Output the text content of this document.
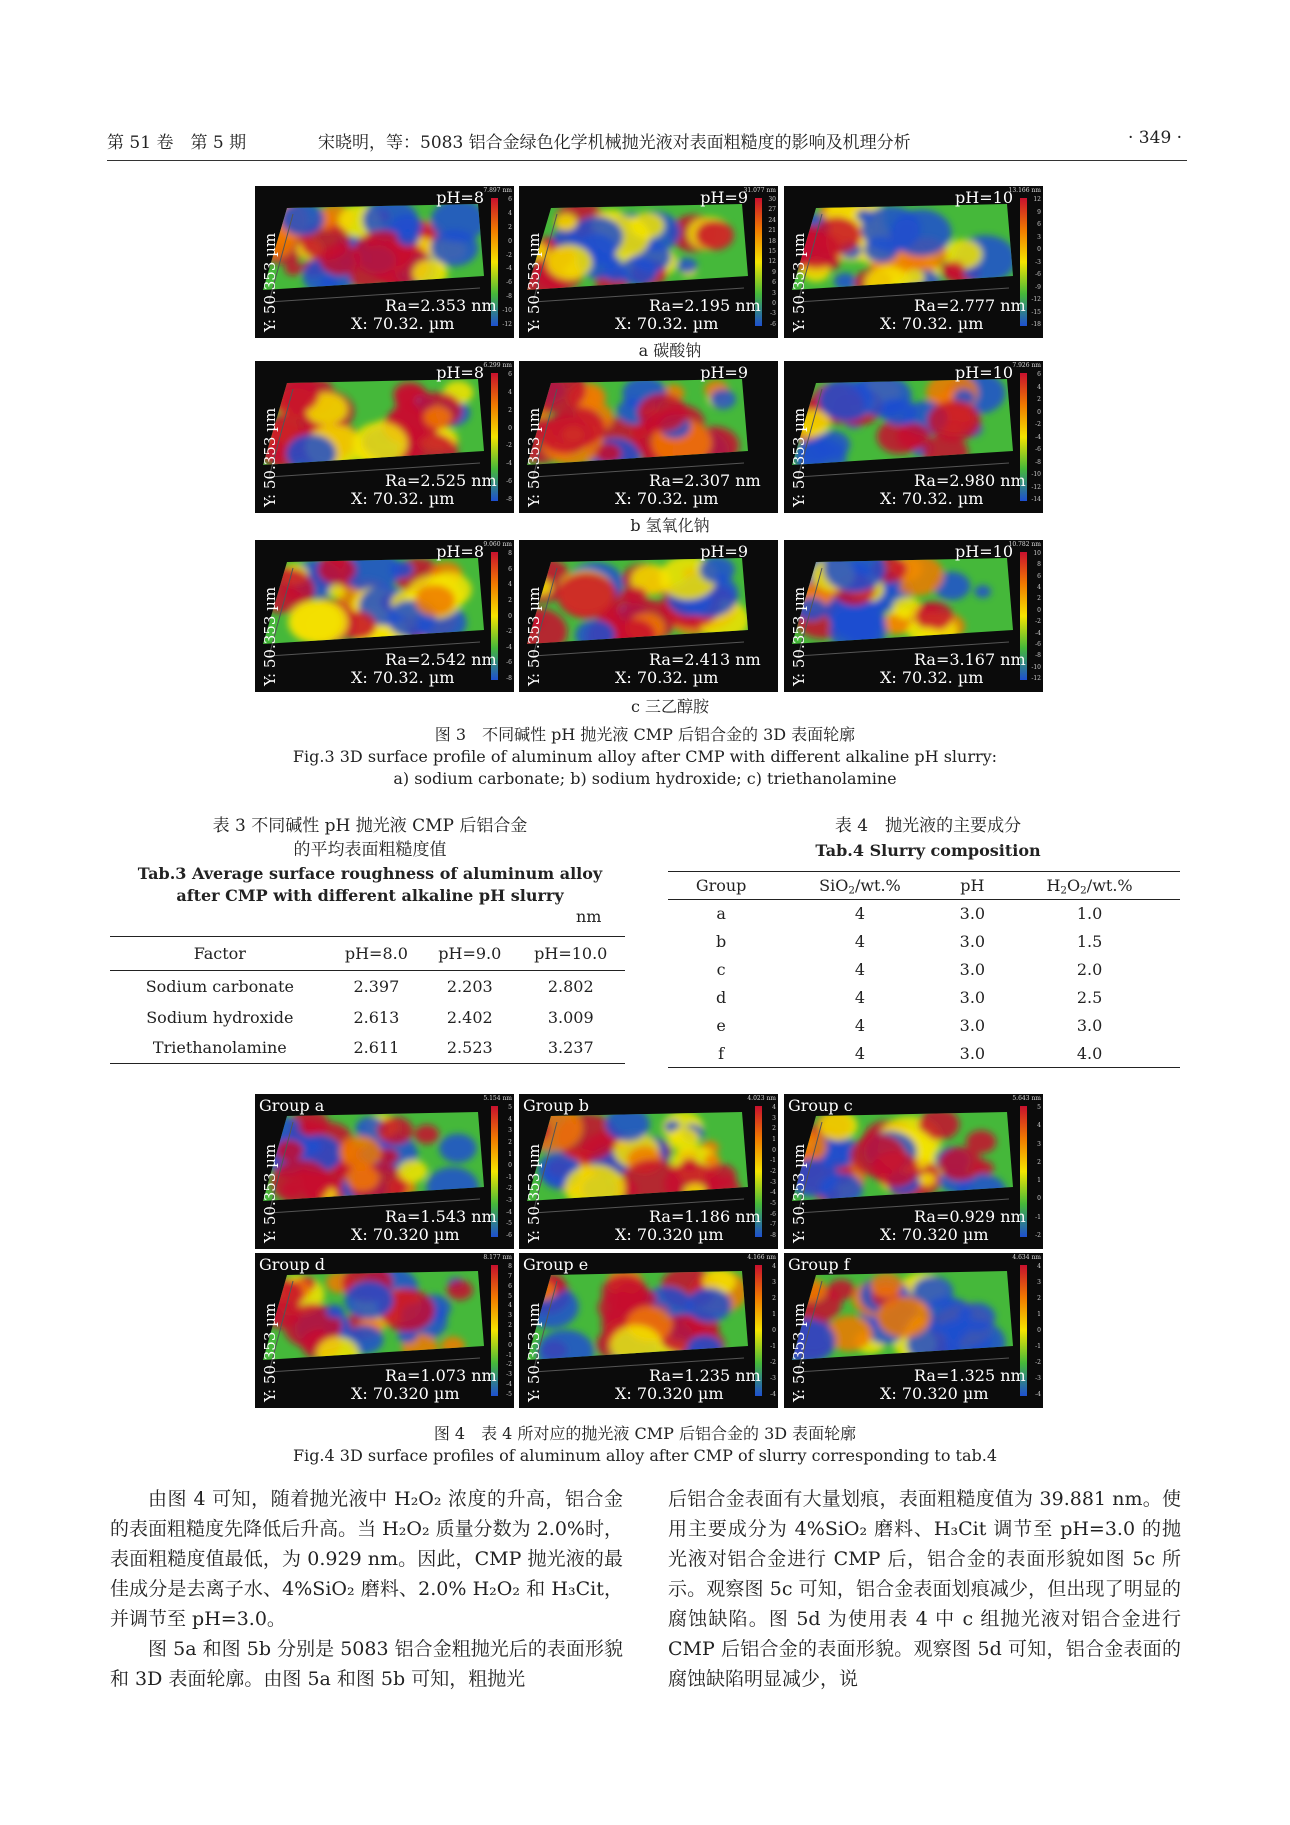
第 51 卷　第 5 期	宋晓明，等：5083 铝合金绿色化学机械抛光液对表面粗糙度的影响及机理分析	· 349 ·
pH=8 7.897 nm
6
4
2
0
-2
-4
-6
-8
-10
-12
Y: 50.353 µm	Ra=2.353 nm
X: 70.32. µm
pH=9
31.077 nm
30
27
24
21
18
15
12
9
6
3
0
-3
-6
Y: 50.353 µm	Ra=2.195 nm
X: 70.32. µm
pH=10
13.166 nm
12
9
6
3
0
-3
-6
-9
-12
-15
-18
Y: 50.353 µm	Ra=2.777 nm
X: 70.32. µm
pH=8 6.299 nm
6
4
2
0
-2
-4
-6
-8
Y: 50.353 µm	Ra=2.525 nm
X: 70.32. µm
pH=9
Y: 50.353 µm	Ra=2.307 nm
X: 70.32. µm
pH=10 7.926 nm
6
4
2
0
-2
-4
-6
-8
-10
-12
-14
Y: 50.353 µm	Ra=2.980 nm
X: 70.32. µm
pH=8 9.060 nm
8
6
4
2
0
-2
-4
-6
-8
Y: 50.353 µm	Ra=2.542 nm
X: 70.32. µm
pH=9
Y: 50.353 µm	Ra=2.413 nm
X: 70.32. µm
pH=10
10.782 nm
10
8
6
4
2
0
-2
-4
-6
-8
-10
-12
Y: 50.353 µm	Ra=3.167 nm
X: 70.32. µm
a 碳酸钠
b 氢氧化钠
c 三乙醇胺
图 3　不同碱性 pH 抛光液 CMP 后铝合金的 3D 表面轮廓
Fig.3 3D surface profile of aluminum alloy after CMP with different alkaline pH slurry:
a) sodium carbonate; b) sodium hydroxide; c) triethanolamine
表 3 不同碱性 pH 抛光液 CMP 后铝合金
的平均表面粗糙度值
Tab.3 Average surface roughness of aluminum alloy
after CMP with different alkaline pH slurry
nm
Factor	pH=8.0	pH=9.0	pH=10.0
Sodium carbonate	2.397	2.203	2.802
Sodium hydroxide	2.613	2.402	3.009
Triethanolamine	2.611	2.523	3.237
表 4　抛光液的主要成分
Tab.4 Slurry composition
Group	SiO$_2$/wt.%	pH	$H_2O_2/wt.\%$
a	4	3.0	1.0
b	4	3.0	1.5
c	4	3.0	2.0
d	4	3.0	2.5
e	4	3.0	3.0
f	4	3.0	4.0
Group a	5.154 nm
5
4
3
2
1
0
-1
-2
-3
-4
-5
-6
Y: 50.353 µm	Ra=1.543 nm
X: 70.320 µm
Group b	4.023 nm
4
3
2
1
0
-1
-2
-3
-4
-5
-6
-7
-8
Y: 50.353 µm	Ra=1.186 nm
X: 70.320 µm
Group c	5.643 nm
5
4
3
2
1
0
-1
-2
Y: 50.353 µm	Ra=0.929 nm
X: 70.320 µm
Group d	8.177 nm
8
7
6
5
4
3
2
1
0
-1
-2
-3
-4
-5
Y: 50.353 µm	Ra=1.073 nm
X: 70.320 µm
Group e	4.166 nm
4
3
2
1
0
-1
-2
-3
-4
Y: 50.353 µm	Ra=1.235 nm
X: 70.320 µm
Group f	4.634 nm
4
3
2
1
0
-1
-2
-3
-4
Y: 50.353 µm	Ra=1.325 nm
X: 70.320 µm
图 4　表 4 所对应的抛光液 CMP 后铝合金的 3D 表面轮廓
Fig.4 3D surface profiles of aluminum alloy after CMP of slurry corresponding to tab.4

由图 4 可知，随着抛光液中 H₂O₂ 浓度的升高，铝合金的表面粗糙度先降低后升高。当 H₂O₂ 质量分数为 2.0%时，表面粗糙度值最低，为 0.929 nm。因此，CMP 抛光液的最佳成分是去离子水、4%SiO₂ 磨料、2.0% H₂O₂ 和 H₃Cit，并调节至 pH=3.0。

图 5a 和图 5b 分别是 5083 铝合金粗抛光后的表面形貌和 3D 表面轮廓。由图 5a 和图 5b 可知，粗抛光

后铝合金表面有大量划痕，表面粗糙度值为 39.881 nm。使用主要成分为 4%SiO₂ 磨料、H₃Cit 调节至 pH=3.0 的抛光液对铝合金进行 CMP 后，铝合金的表面形貌如图 5c 所示。观察图 5c 可知，铝合金表面划痕减少，但出现了明显的腐蚀缺陷。图 5d 为使用表 4 中 c 组抛光液对铝合金进行 CMP 后铝合金的表面形貌。观察图 5d 可知，铝合金表面的腐蚀缺陷明显减少，说
